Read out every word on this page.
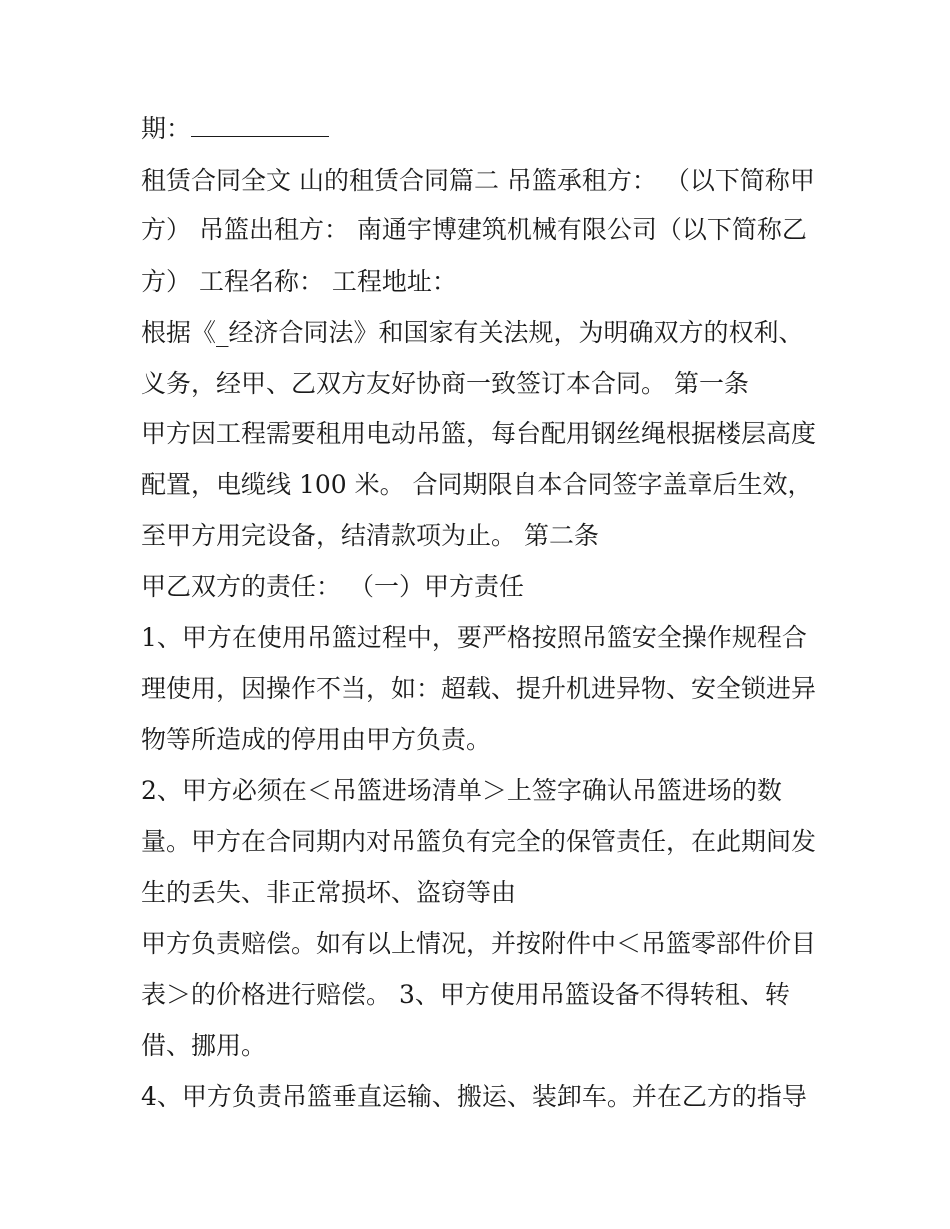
期：
租赁合同全文 山的租赁合同篇二 吊篮承租方： （以下简称甲
方） 吊篮出租方： 南通宇博建筑机械有限公司（以下简称乙
方） 工程名称： 工程地址：
根据《_经济合同法》和国家有关法规，为明确双方的权利、
义务，经甲、乙双方友好协商一致签订本合同。 第一条
甲方因工程需要租用电动吊篮，每台配用钢丝绳根据楼层高度
配置，电缆线 100 米。 合同期限自本合同签字盖章后生效，
至甲方用完设备，结清款项为止。 第二条
甲乙双方的责任： （一）甲方责任
1、甲方在使用吊篮过程中，要严格按照吊篮安全操作规程合
理使用，因操作不当，如：超载、提升机进异物、安全锁进异
物等所造成的停用由甲方负责。
2、甲方必须在＜吊篮进场清单＞上签字确认吊篮进场的数
量。甲方在合同期内对吊篮负有完全的保管责任，在此期间发
生的丢失、非正常损坏、盗窃等由
甲方负责赔偿。如有以上情况，并按附件中＜吊篮零部件价目
表＞的价格进行赔偿。 3、甲方使用吊篮设备不得转租、转
借、挪用。
4、甲方负责吊篮垂直运输、搬运、装卸车。并在乙方的指导
